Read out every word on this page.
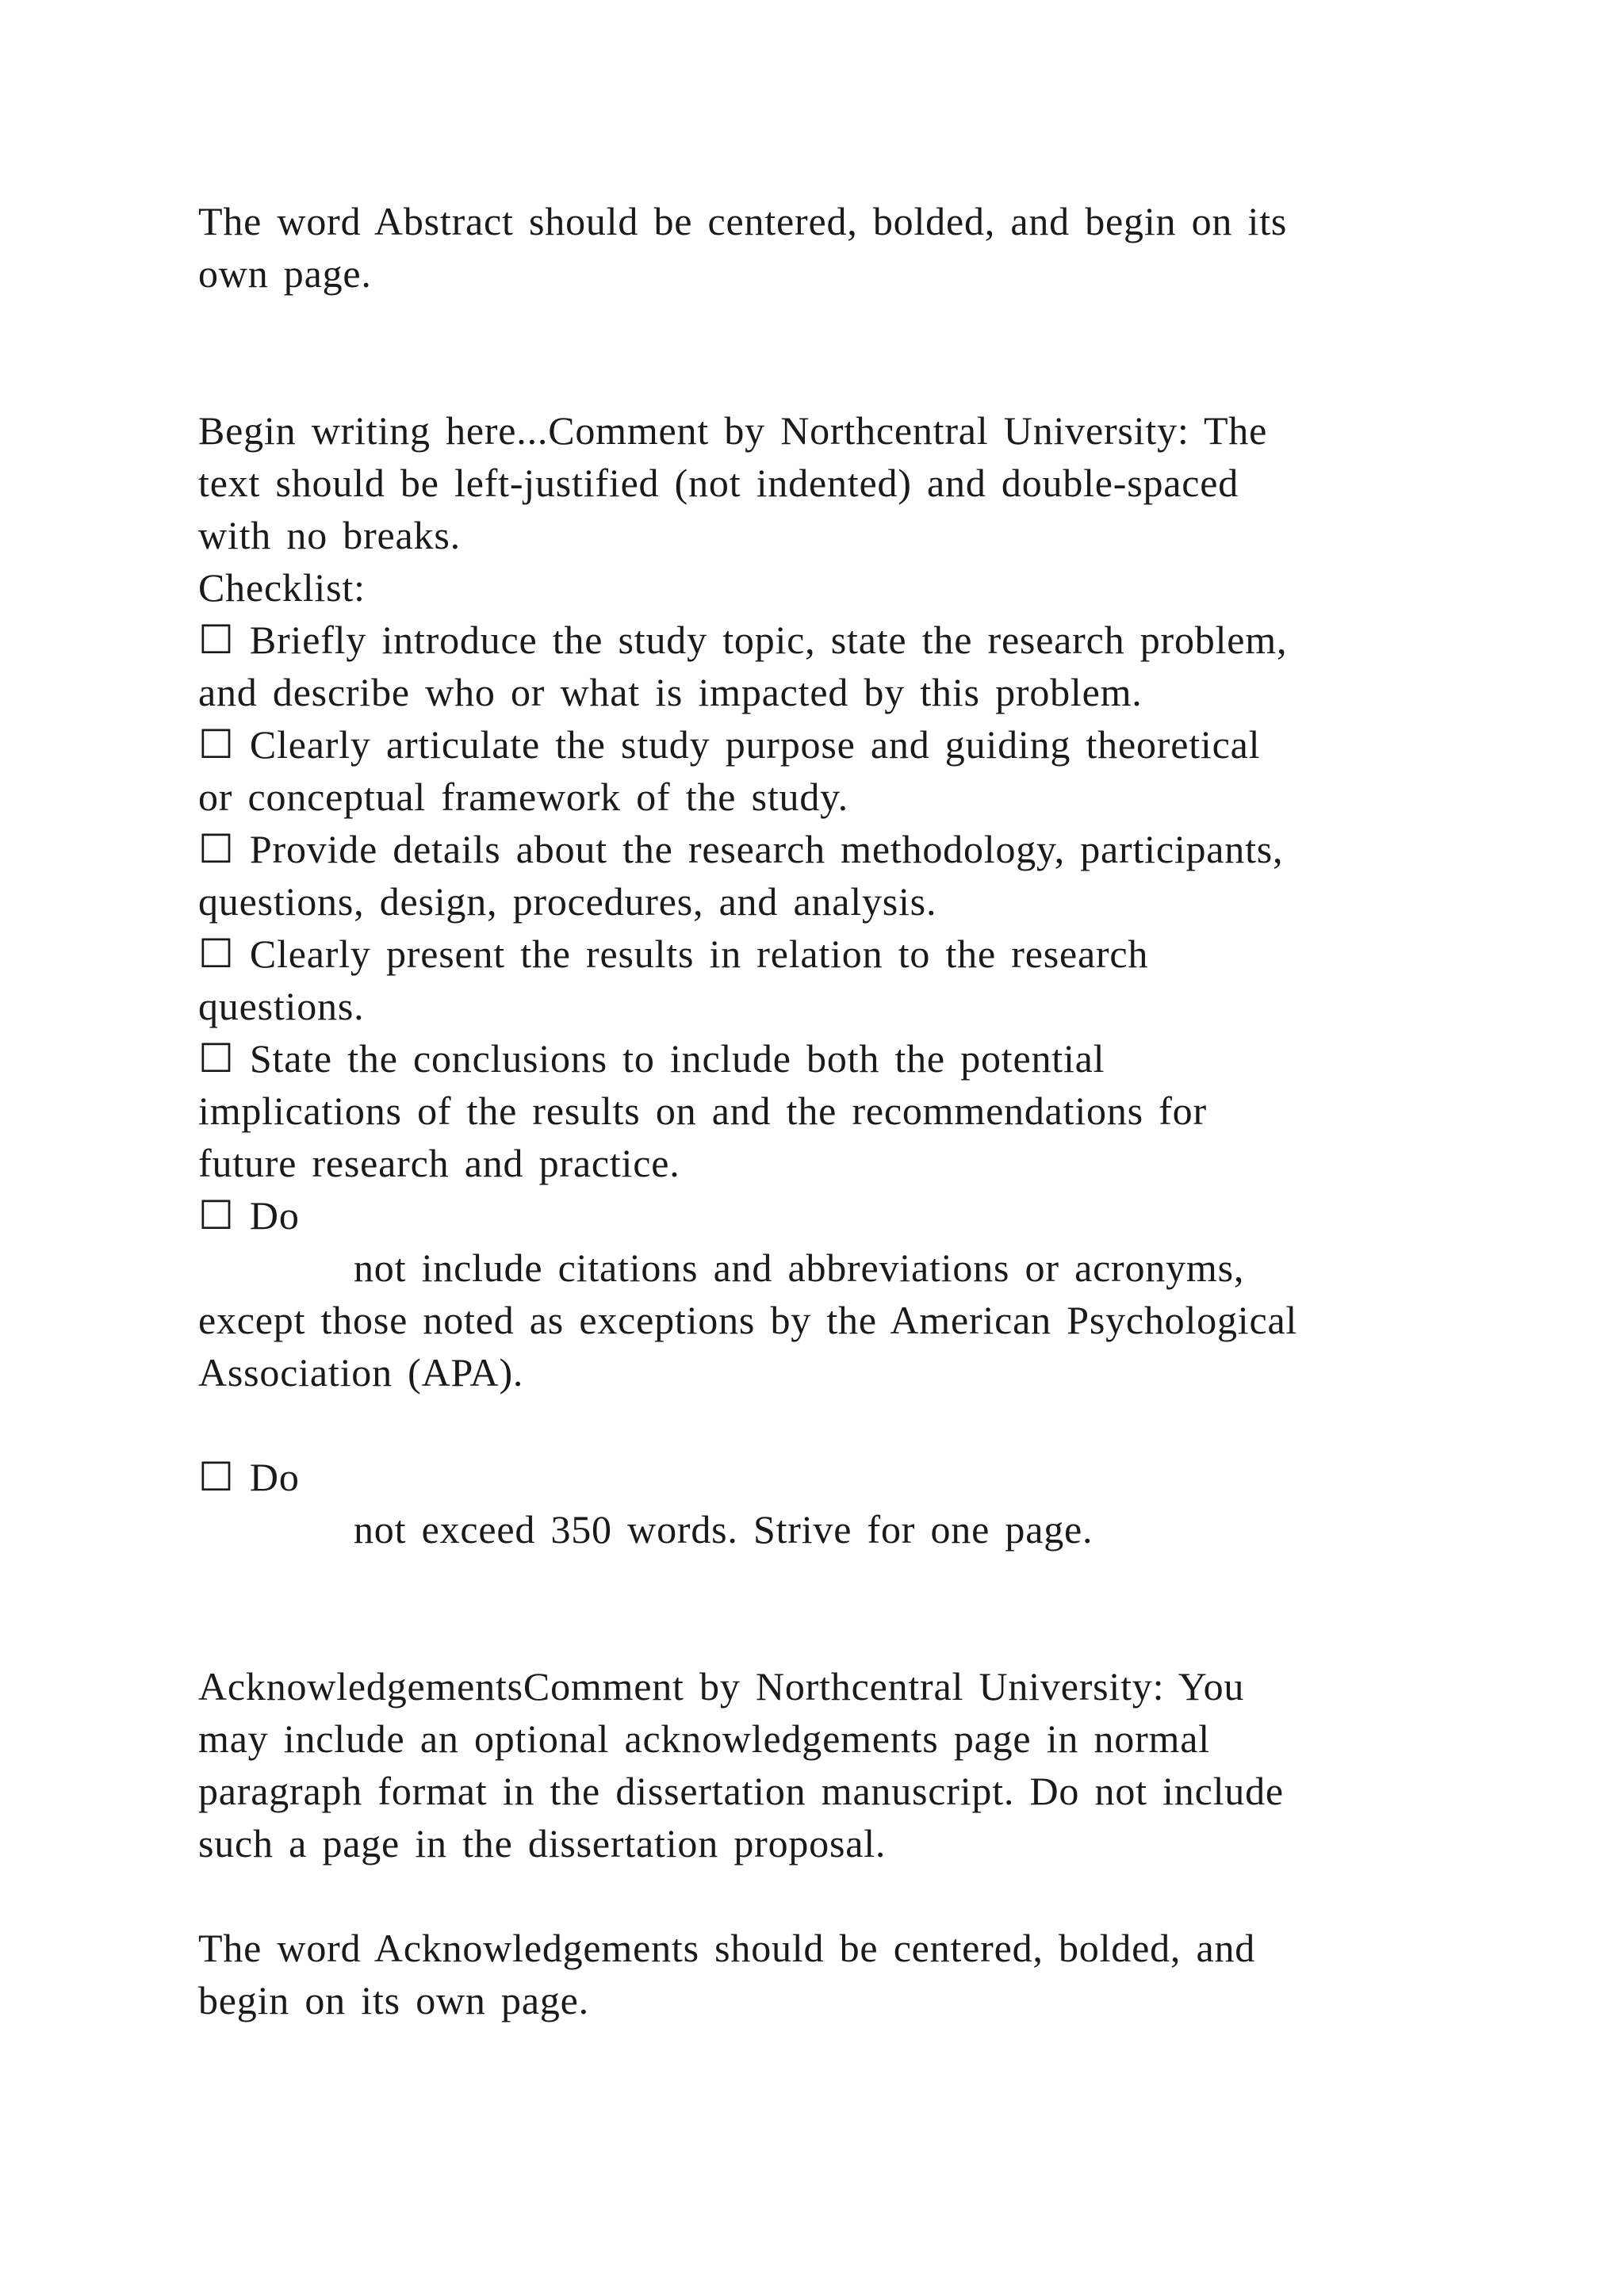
The word Abstract should be centered, bolded, and begin on its

own page.

Begin writing here...Comment by Northcentral University: The

text should be left-justified (not indented) and double-spaced

with no breaks.

Checklist:

☐ Briefly introduce the study topic, state the research problem,

and describe who or what is impacted by this problem.

☐ Clearly articulate the study purpose and guiding theoretical

or conceptual framework of the study.

☐ Provide details about the research methodology, participants,

questions, design, procedures, and analysis.

☐ Clearly present the results in relation to the research

questions.

☐ State the conclusions to include both the potential

implications of the results on and the recommendations for

future research and practice.

☐ Do

not include citations and abbreviations or acronyms,

except those noted as exceptions by the American Psychological

Association (APA).

☐ Do

not exceed 350 words. Strive for one page.

AcknowledgementsComment by Northcentral University: You

may include an optional acknowledgements page in normal

paragraph format in the dissertation manuscript. Do not include

such a page in the dissertation proposal.

The word Acknowledgements should be centered, bolded, and

begin on its own page.
